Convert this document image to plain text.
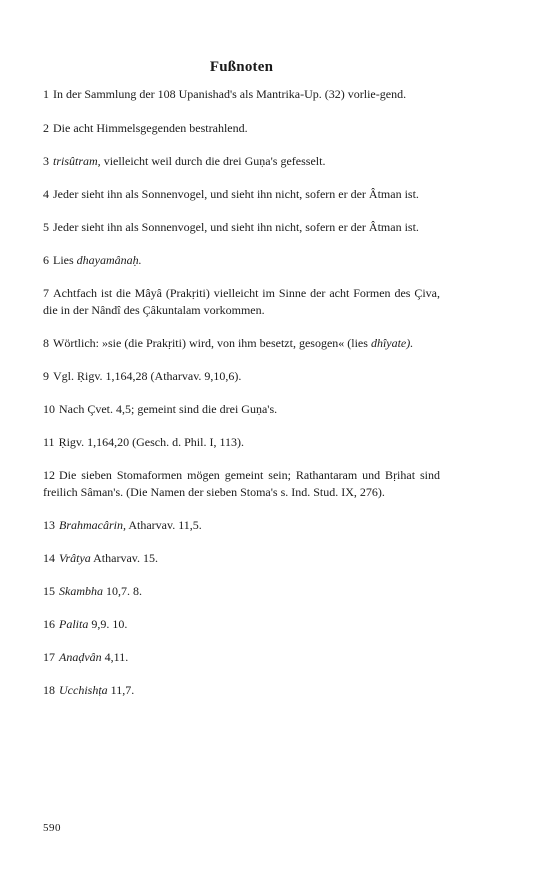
Fußnoten

1 In der Sammlung der 108 Upanishad's als Mantrika-Up. (32) vorlie-gend.

2 Die acht Himmelsgegenden bestrahlend.

3 trisûtram, vielleicht weil durch die drei Guṇa's gefesselt.

4 Jeder sieht ihn als Sonnenvogel, und sieht ihn nicht, sofern er der Âtman ist.

5 Jeder sieht ihn als Sonnenvogel, und sieht ihn nicht, sofern er der Âtman ist.

6 Lies dhayamânaḥ.

7 Achtfach ist die Mâyâ (Prakṛiti) vielleicht im Sinne der acht Formen des Çiva, die in der Nândî des Çâkuntalam vorkommen.

8 Wörtlich: »sie (die Prakṛiti) wird, von ihm besetzt, gesogen« (lies dhîyate).

9 Vgl. Ṛigv. 1,164,28 (Atharvav. 9,10,6).

10 Nach Çvet. 4,5; gemeint sind die drei Guṇa's.

11 Ṛigv. 1,164,20 (Gesch. d. Phil. I, 113).

12 Die sieben Stomaformen mögen gemeint sein; Rathantaram und Bṛihat sind freilich Sâman's. (Die Namen der sieben Stoma's s. Ind. Stud. IX, 276).

13 Brahmacârin, Atharvav. 11,5.

14 Vrâtya Atharvav. 15.

15 Skambha 10,7. 8.

16 Palita 9,9. 10.

17 Anaḍvân 4,11.

18 Ucchishṭa 11,7.

590
